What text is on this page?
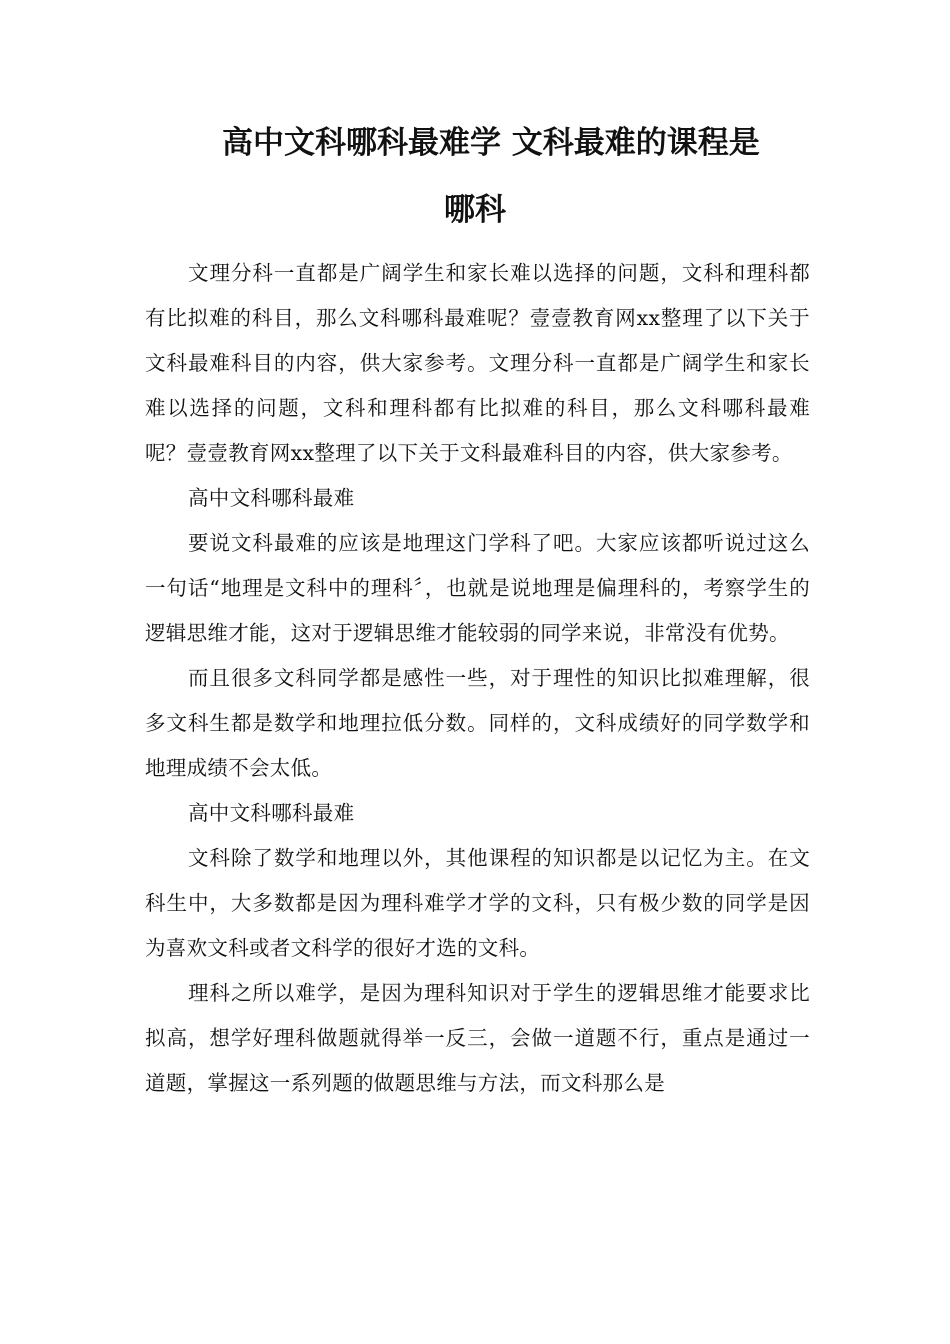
高中文科哪科最难学 文科最难的课程是
哪科

文理分科一直都是广阔学生和家长难以选择的问题，文科和理科都有比拟难的科目，那么文科哪科最难呢？壹壹教育网xx整理了以下关于文科最难科目的内容，供大家参考。文理分科一直都是广阔学生和家长难以选择的问题，文科和理科都有比拟难的科目，那么文科哪科最难呢？壹壹教育网xx整理了以下关于文科最难科目的内容，供大家参考。

高中文科哪科最难

要说文科最难的应该是地理这门学科了吧。大家应该都听说过这么一句话“地理是文科中的理科〞，也就是说地理是偏理科的，考察学生的逻辑思维才能，这对于逻辑思维才能较弱的同学来说，非常没有优势。

而且很多文科同学都是感性一些，对于理性的知识比拟难理解，很多文科生都是数学和地理拉低分数。同样的，文科成绩好的同学数学和地理成绩不会太低。

高中文科哪科最难

文科除了数学和地理以外，其他课程的知识都是以记忆为主。在文科生中，大多数都是因为理科难学才学的文科，只有极少数的同学是因为喜欢文科或者文科学的很好才选的文科。

理科之所以难学，是因为理科知识对于学生的逻辑思维才能要求比拟高，想学好理科做题就得举一反三，会做一道题不行，重点是通过一道题，掌握这一系列题的做题思维与方法，而文科那么是
